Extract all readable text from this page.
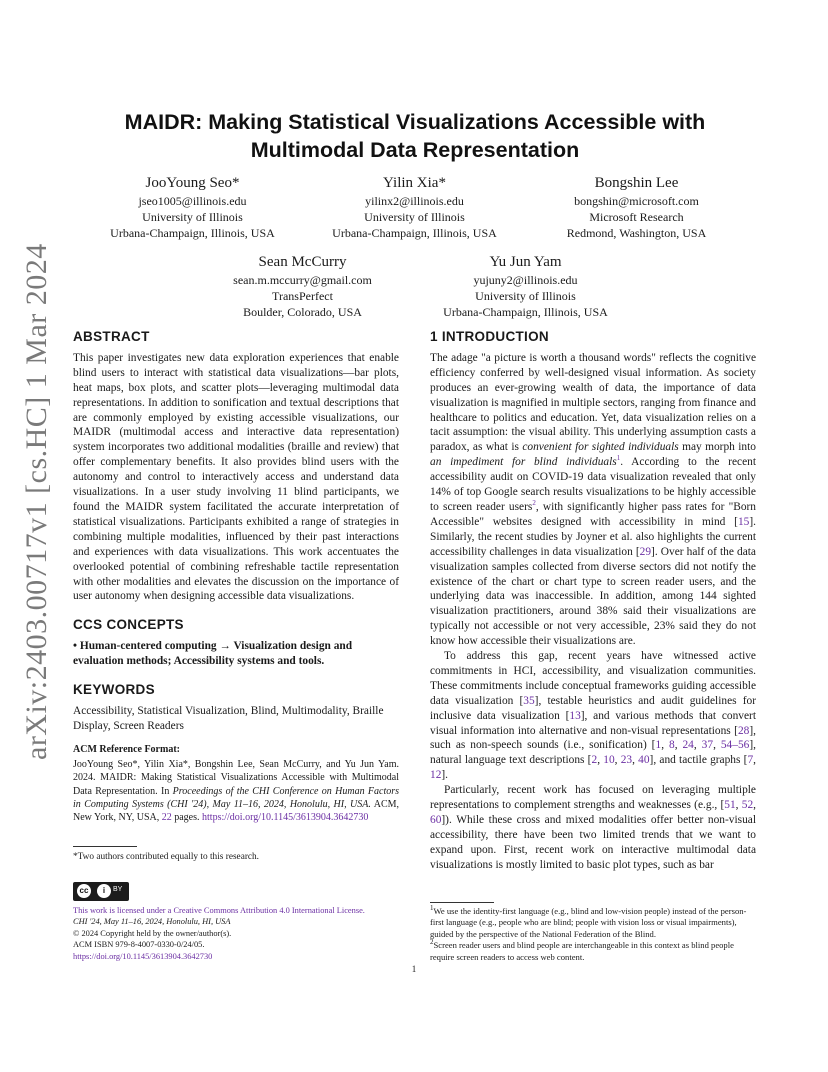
arXiv:2403.00717v1 [cs.HC] 1 Mar 2024
MAIDR: Making Statistical Visualizations Accessible with
Multimodal Data Representation
JooYoung Seo*
jseo1005@illinois.edu
University of Illinois
Urbana-Champaign, Illinois, USA
Yilin Xia*
yilinx2@illinois.edu
University of Illinois
Urbana-Champaign, Illinois, USA
Bongshin Lee
bongshin@microsoft.com
Microsoft Research
Redmond, Washington, USA
Sean McCurry
sean.m.mccurry@gmail.com
TransPerfect
Boulder, Colorado, USA
Yu Jun Yam
yujuny2@illinois.edu
University of Illinois
Urbana-Champaign, Illinois, USA

ABSTRACT

This paper investigates new data exploration experiences that enable blind users to interact with statistical data visualizations—bar plots, heat maps, box plots, and scatter plots—leveraging multimodal data representations. In addition to sonification and textual descriptions that are commonly employed by existing accessible visualizations, our MAIDR (multimodal access and interactive data representation) system incorporates two additional modalities (braille and review) that offer complementary benefits. It also provides blind users with the autonomy and control to interactively access and understand data visualizations. In a user study involving 11 blind participants, we found the MAIDR system facilitated the accurate interpretation of statistical visualizations. Participants exhibited a range of strategies in combining multiple modalities, influenced by their past interactions and experiences with data visualizations. This work accentuates the overlooked potential of combining refreshable tactile representation with other modalities and elevates the discussion on the importance of user autonomy when designing accessible data visualizations.

CCS CONCEPTS

• Human-centered computing → Visualization design and evaluation methods; Accessibility systems and tools.

KEYWORDS

Accessibility, Statistical Visualization, Blind, Multimodality, Braille Display, Screen Readers

ACM Reference Format:

JooYoung Seo*, Yilin Xia*, Bongshin Lee, Sean McCurry, and Yu Jun Yam. 2024. MAIDR: Making Statistical Visualizations Accessible with Multimodal Data Representation. In Proceedings of the CHI Conference on Human Factors in Computing Systems (CHI '24), May 11–16, 2024, Honolulu, HI, USA. ACM, New York, NY, USA, 22 pages. https://doi.org/10.1145/3613904.3642730

*Two authors contributed equally to this research.
cc	i	BY
This work is licensed under a Creative Commons Attribution 4.0 International License.
CHI '24, May 11–16, 2024, Honolulu, HI, USA
© 2024 Copyright held by the owner/author(s).
ACM ISBN 979-8-4007-0330-0/24/05.
https://doi.org/10.1145/3613904.3642730

1 INTRODUCTION

The adage "a picture is worth a thousand words" reflects the cognitive efficiency conferred by well-designed visual information. As society produces an ever-growing wealth of data, the importance of data visualization is magnified in multiple sectors, ranging from finance and healthcare to politics and education. Yet, data visualization relies on a tacit assumption: the visual ability. This underlying assumption casts a paradox, as what is convenient for sighted individuals may morph into an impediment for blind individuals$^1$. According to the recent accessibility audit on COVID-19 data visualization revealed that only 14% of top Google search results visualizations to be highly accessible to screen reader users$^2$, with significantly higher pass rates for "Born Accessible" websites designed with accessibility in mind [15]. Similarly, the recent studies by Joyner et al. also highlights the current accessibility challenges in data visualization [29]. Over half of the data visualization samples collected from diverse sectors did not notify the existence of the chart or chart type to screen reader users, and the underlying data was inaccessible. In addition, among 144 sighted visualization practitioners, around 38% said their visualizations are typically not accessible or not very accessible, 23% said they do not know how accessible their visualizations are.

To address this gap, recent years have witnessed active commitments in HCI, accessibility, and visualization communities. These commitments include conceptual frameworks guiding accessible data visualization [35], testable heuristics and audit guidelines for inclusive data visualization [13], and various methods that convert visual information into alternative and non-visual representations [28], such as non-speech sounds (i.e., sonification) [1, 8, 24, 37, 54–56], natural language text descriptions [2, 10, 23, 40], and tactile graphs [7, 12].

Particularly, recent work has focused on leveraging multiple representations to complement strengths and weaknesses (e.g., [51, 52, 60]). While these cross and mixed modalities offer better non-visual accessibility, there have been two limited trends that we want to expand upon. First, recent work on interactive multimodal data visualizations is mostly limited to basic plot types, such as bar

$^1$We use the identity-first language (e.g., blind and low-vision people) instead of the person-first language (e.g., people who are blind; people with vision loss or visual impairments), guided by the perspective of the National Federation of the Blind.
$^2$Screen reader users and blind people are interchangeable in this context as blind people require screen readers to access web content.
1
